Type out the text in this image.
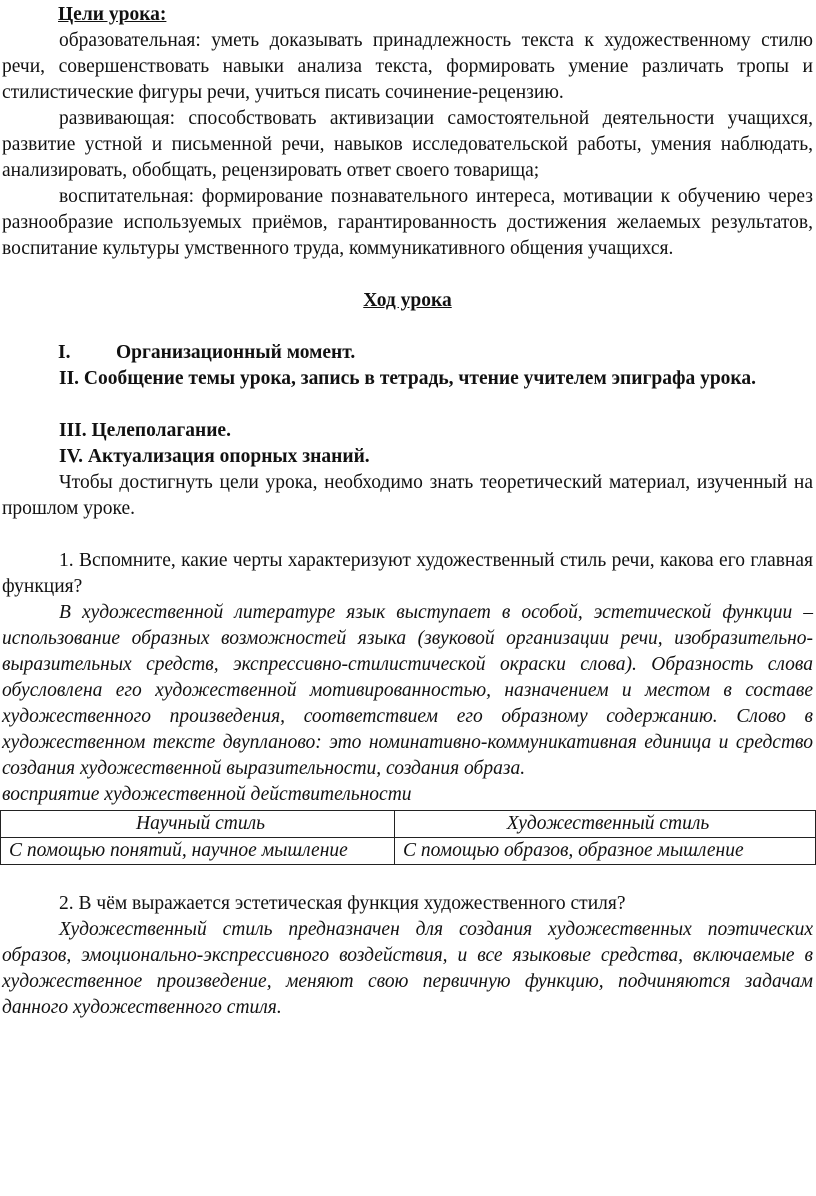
Цели урока:

образовательная: уметь доказывать принадлежность текста к художественному стилю речи, совершенствовать навыки анализа текста, формировать умение различать тропы и стилистические фигуры речи, учиться писать сочинение-рецензию.

развивающая: способствовать активизации самостоятельной деятельности учащихся, развитие устной и письменной речи, навыков исследовательской работы, умения наблюдать, анализировать, обобщать, рецензировать ответ своего товарища;

воспитательная: формирование познавательного интереса, мотивации к обучению через разнообразие используемых приёмов, гарантированность достижения желаемых результатов, воспитание культуры умственного труда, коммуникативного общения учащихся.

Ход урока

I. Организационный момент.

II. Сообщение темы урока, запись в тетрадь, чтение учителем эпиграфа урока.

III. Целеполагание.

IV. Актуализация опорных знаний.

Чтобы достигнуть цели урока, необходимо знать теоретический материал, изученный на прошлом уроке.

1. Вспомните, какие черты характеризуют художественный стиль речи, какова его главная функция?

В художественной литературе язык выступает в особой, эстетической функции – использование образных возможностей языка (звуковой организации речи, изобразительно-выразительных средств, экспрессивно-стилистической окраски слова). Образность слова обусловлена его художественной мотивированностью, назначением и местом в составе художественного произведения, соответствием его образному содержанию. Слово в художественном тексте двупланово: это номинативно-коммуникативная единица и средство создания художественной выразительности, создания образа.

восприятие художественной действительности

Научный стиль	Художественный стиль
С помощью понятий, научное мышление	С помощью образов, образное мышление

2. В чём выражается эстетическая функция художественного стиля?

Художественный стиль предназначен для создания художественных поэтических образов, эмоционально-экспрессивного воздействия, и все языковые средства, включаемые в художественное произведение, меняют свою первичную функцию, подчиняются задачам данного художественного стиля.
